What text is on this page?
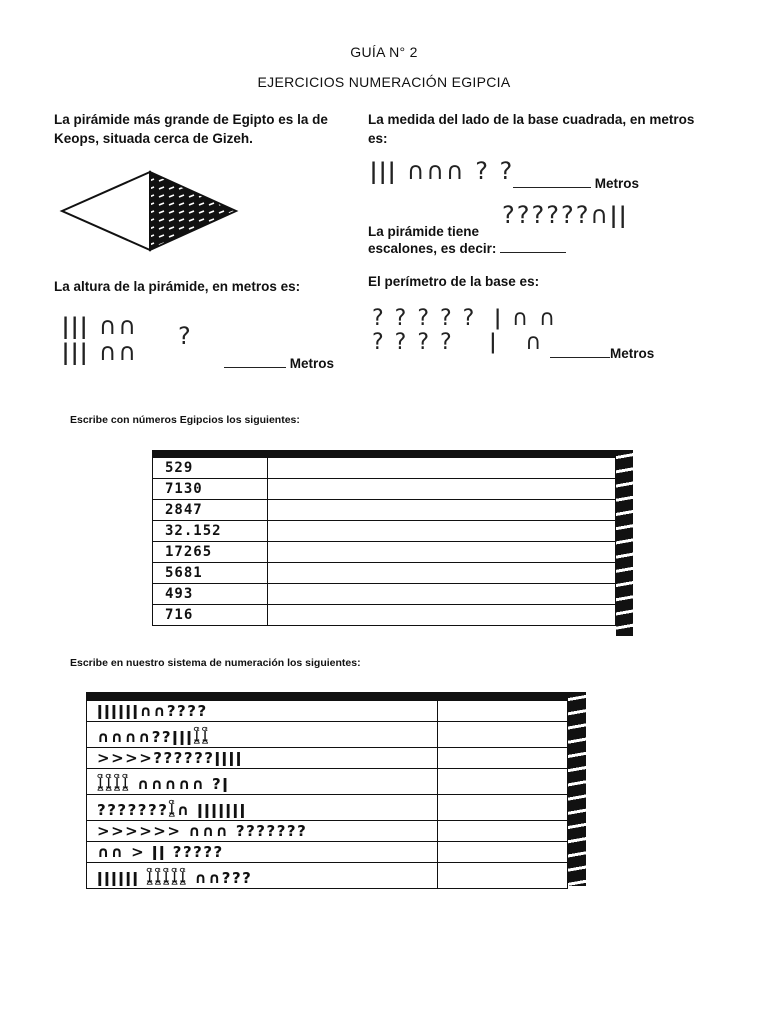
GUÍA N° 2
EJERCICIOS NUMERACIÓN EGIPCIA
La pirámide más grande de Egipto es la de Keops, situada cerca de Gizeh.
La medida del lado de la base cuadrada, en metros es:
ǀǀǀ ∩∩∩ ? ?	Metros
La pirámide tiene
??????∩ǀǀ
escalones, es decir:
La altura de la pirámide, en metros es:
ǀǀǀ ∩∩
ǀǀǀ ∩∩
?
Metros
El perímetro de la base es:
? ? ? ? ?  ǀ ∩ ∩
? ? ? ?    ǀ   ∩	Metros
Escribe con números Egipcios los siguientes:
529	
7130	
2847	
32.152	
17265	
5681	
493	
716	
Escribe en nuestro sistema de numeración los siguientes:
ǀǀǀǀǀǀ∩∩????	
∩∩∩∩??ǀǀǀ𓆼𓆼	
>>>>??????ǀǀǀǀ	
𓆼𓆼𓆼𓆼 ∩∩∩∩∩ ?ǀ	
???????𓆼∩ ǀǀǀǀǀǀǀ	
>>>>>> ∩∩∩ ???????	
∩∩ > ǀǀ ?????	
ǀǀǀǀǀǀ 𓆼𓆼𓆼𓆼𓆼 ∩∩???	
